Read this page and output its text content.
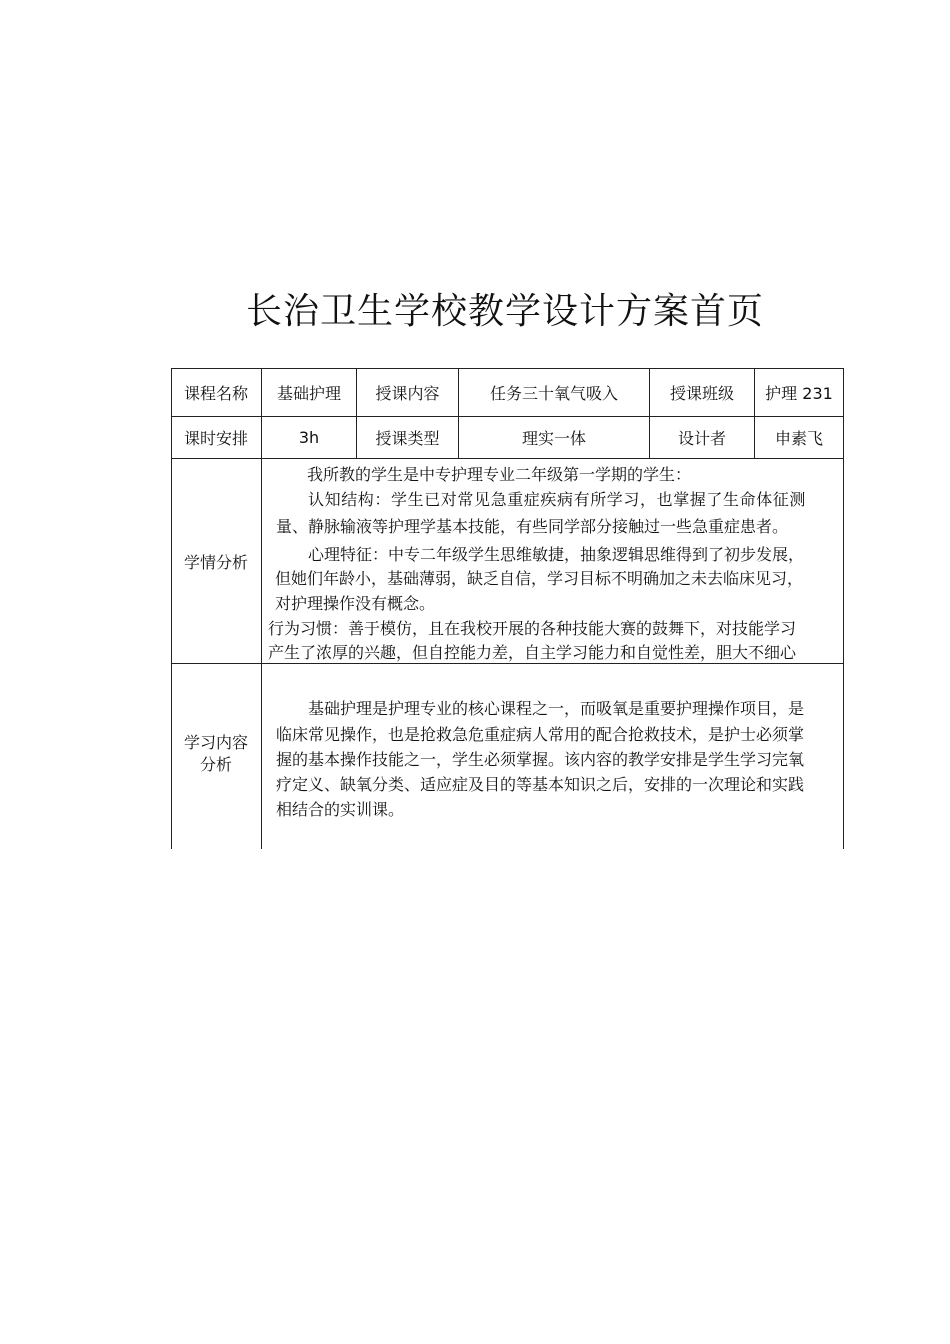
长治卫生学校教学设计方案首页
课程名称	基础护理	授课内容	任务三十氧气吸入	授课班级	护理 231
课时安排	3h	授课类型	理实一体	设计者	申素飞
学情分析
我所教的学生是中专护理专业二年级第一学期的学生：
认知结构：学生已对常见急重症疾病有所学习，也掌握了生命体征测
量、静脉输液等护理学基本技能，有些同学部分接触过一些急重症患者。
心理特征：中专二年级学生思维敏捷，抽象逻辑思维得到了初步发展，
但她们年龄小，基础薄弱，缺乏自信，学习目标不明确加之未去临床见习，
对护理操作没有概念。
行为习惯：善于模仿，且在我校开展的各种技能大赛的鼓舞下，对技能学习
产生了浓厚的兴趣，但自控能力差，自主学习能力和自觉性差，胆大不细心
学习内容
分析
基础护理是护理专业的核心课程之一，而吸氧是重要护理操作项目，是
临床常见操作，也是抢救急危重症病人常用的配合抢救技术，是护士必须掌
握的基本操作技能之一，学生必须掌握。该内容的教学安排是学生学习完氧
疗定义、缺氧分类、适应症及目的等基本知识之后，安排的一次理论和实践
相结合的实训课。
